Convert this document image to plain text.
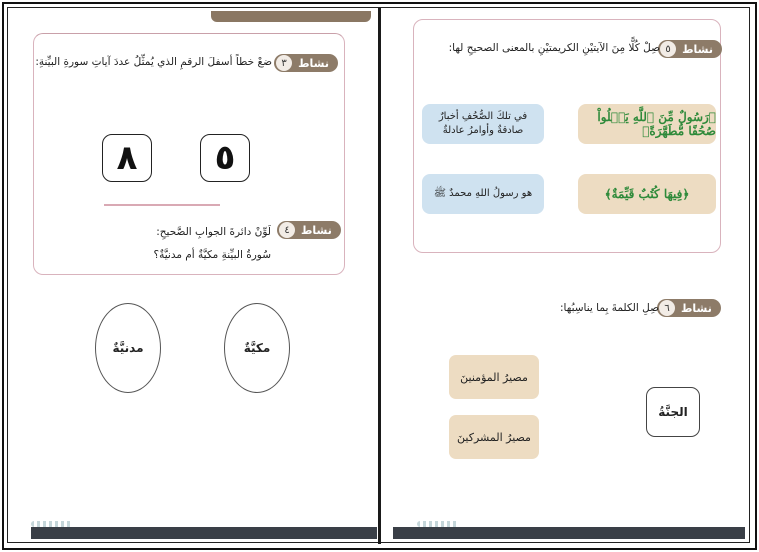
٣	نشاط
ضعْ خطاً أسفلَ الرقمِ الذي يُمثِّلُ عددَ آياتِ سورةِ البيِّنةِ:
٨	٥
٤	نشاط
لَوِّنْ دائرةَ الجوابِ الصَّحيحِ:
سُورةُ البيِّنةِ مكيَّةٌ أم مدنيَّةٌ؟
مدنيَّةٌ	مكيَّةٌ
٥	نشاط
صِلْ كُلًّا مِنَ الآيتيْنِ الكريمتيْنِ بالمعنى الصحيحِ لها:
﴿رَسُولٌ مِّنَ ٱللَّهِ يَتۡلُواْ صُحُفًا مُّطَهَّرَةً﴾
﴿فِيهَا كُتُبٌ قَيِّمَةٌ﴾
في تلكَ الصُّحُفِ أخبارٌ صادقةٌ وأوامرُ عادلةٌ
هو رسولُ اللهِ محمدٌ ﷺ
٦	نشاط
صِلِ الكلمةَ بِما يناسِبُها:
مصيرُ المؤمنينَ
مصيرُ المشركينَ
الجنَّةُ
